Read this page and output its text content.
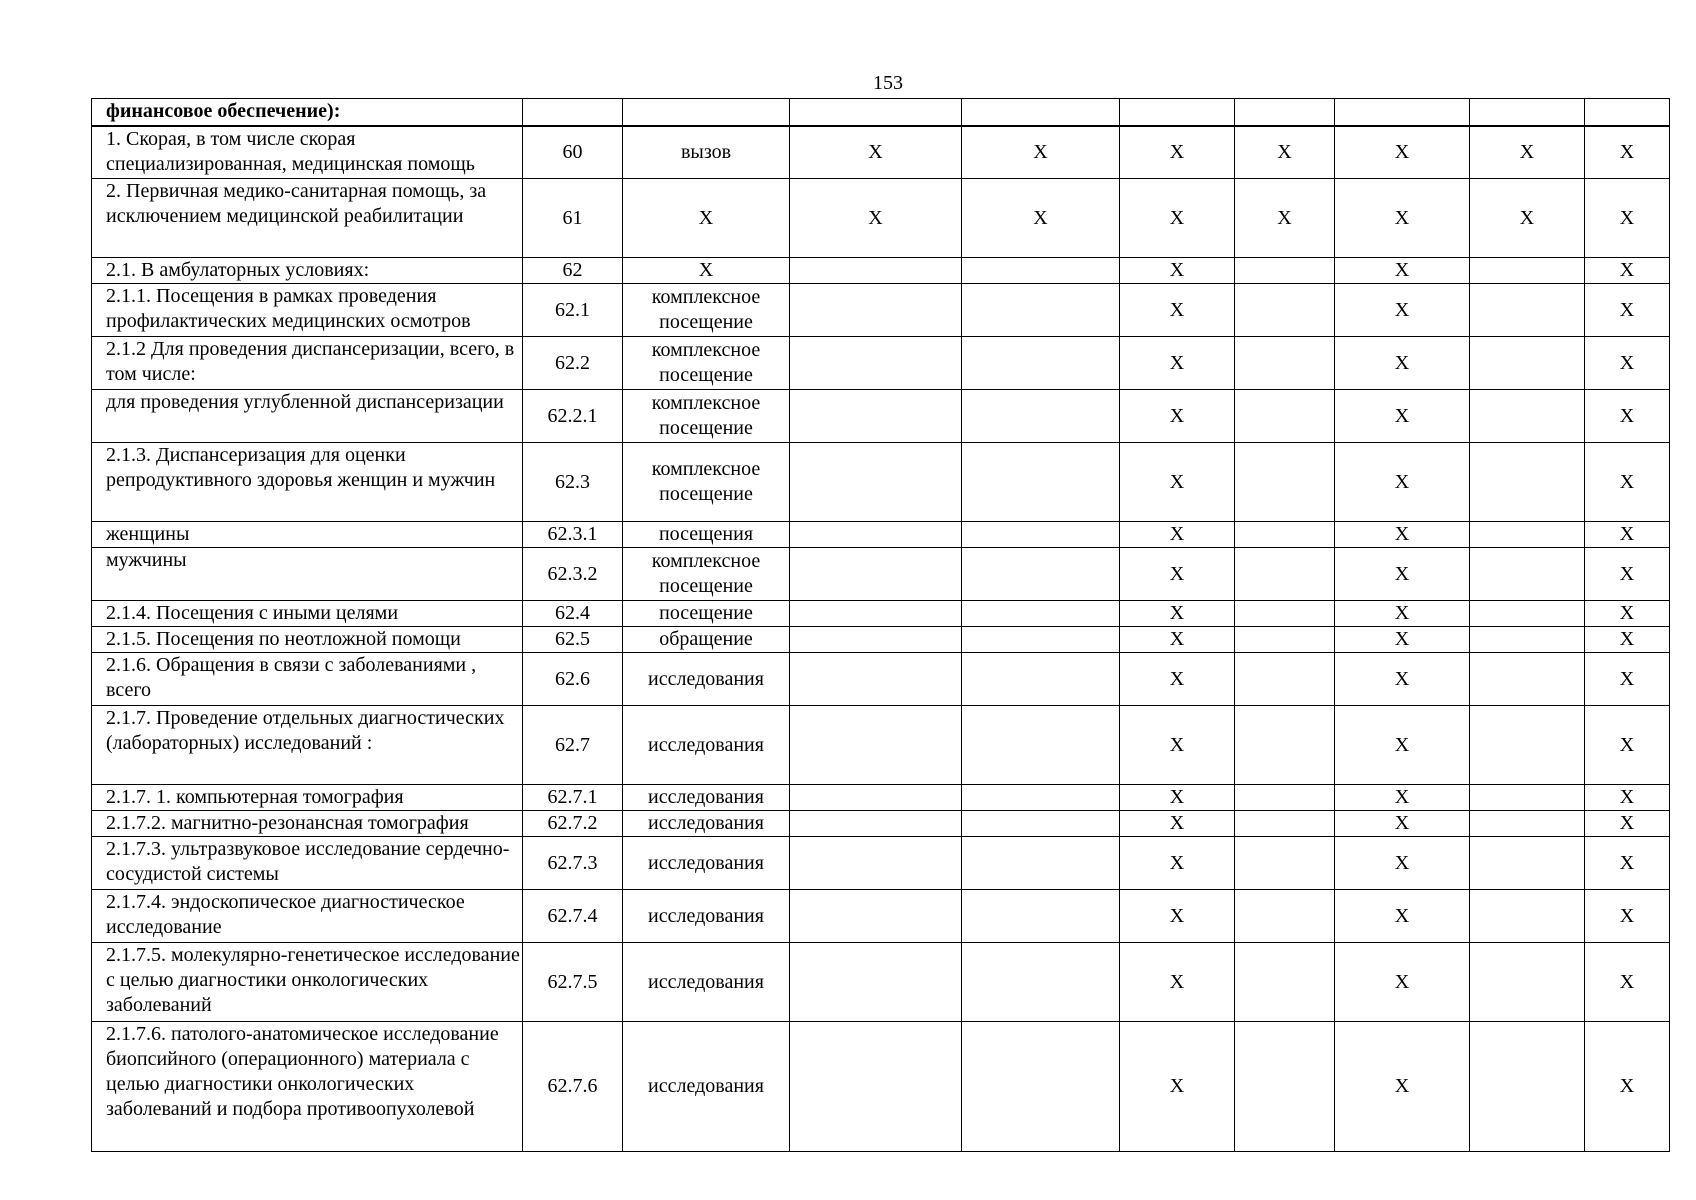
153
финансовое обеспечение):									
1. Скорая, в том числе скорая специализированная, медицинская помощь	60	вызов	Х	Х	Х	Х	Х	Х	Х
2. Первичная медико-санитарная помощь, за исключением медицинской реабилитации	61	Х	Х	Х	Х	Х	Х	Х	Х
2.1. В амбулаторных условиях:	62	Х			Х		Х		Х
2.1.1. Посещения в рамках проведения профилактических медицинских осмотров	62.1	комплексное посещение			Х		Х		Х
2.1.2 Для проведения диспансеризации, всего, в том числе:	62.2	комплексное посещение			Х		Х		Х
для проведения углубленной диспансеризации	62.2.1	комплексное посещение			Х		Х		Х
2.1.3. Диспансеризация для оценки репродуктивного здоровья женщин и мужчин	62.3	комплексное посещение			Х		Х		Х
женщины	62.3.1	посещения			Х		Х		Х
мужчины	62.3.2	комплексное посещение			Х		Х		Х
2.1.4. Посещения с иными целями	62.4	посещение			Х		Х		Х
2.1.5. Посещения по неотложной помощи	62.5	обращение			Х		Х		Х
2.1.6. Обращения в связи с заболеваниями , всего	62.6	исследования			Х		Х		Х
2.1.7. Проведение отдельных диагностических (лабораторных) исследований :	62.7	исследования			Х		Х		Х
2.1.7. 1. компьютерная томография	62.7.1	исследования			Х		Х		Х
2.1.7.2. магнитно-резонансная томография	62.7.2	исследования			Х		Х		Х
2.1.7.3. ультразвуковое исследование сердечно-сосудистой системы	62.7.3	исследования			Х		Х		Х
2.1.7.4. эндоскопическое диагностическое исследование	62.7.4	исследования			Х		Х		Х
2.1.7.5. молекулярно-генетическое исследование с целью диагностики онкологических заболеваний	62.7.5	исследования			Х		Х		Х
2.1.7.6. патолого-анатомическое исследование биопсийного (операционного) материала с целью диагностики онкологических заболеваний и подбора противоопухолевой	62.7.6	исследования			Х		Х		Х
